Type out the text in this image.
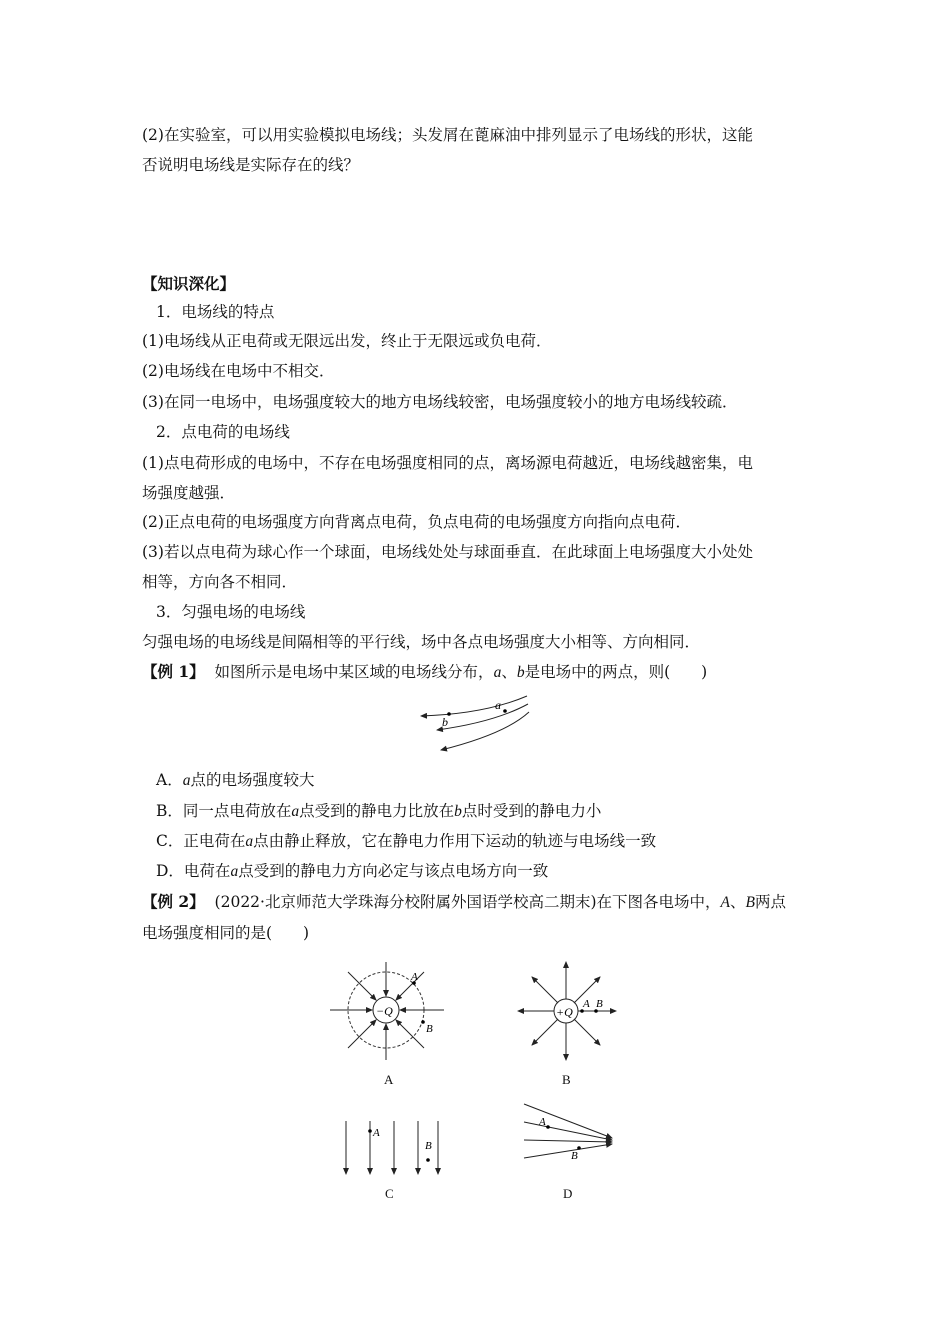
(2)在实验室，可以用实验模拟电场线；头发屑在蓖麻油中排列显示了电场线的形状，这能
否说明电场线是实际存在的线？
【知识深化】
1．电场线的特点
(1)电场线从正电荷或无限远出发，终止于无限远或负电荷．
(2)电场线在电场中不相交．
(3)在同一电场中，电场强度较大的地方电场线较密，电场强度较小的地方电场线较疏．
2．点电荷的电场线
(1)点电荷形成的电场中，不存在电场强度相同的点，离场源电荷越近，电场线越密集，电
场强度越强．
(2)正点电荷的电场强度方向背离点电荷，负点电荷的电场强度方向指向点电荷．
(3)若以点电荷为球心作一个球面，电场线处处与球面垂直．在此球面上电场强度大小处处
相等，方向各不相同．
3．匀强电场的电场线
匀强电场的电场线是间隔相等的平行线，场中各点电场强度大小相等、方向相同．
【例 1】 如图所示是电场中某区域的电场线分布，a、b是电场中的两点，则(　　)
a
b
A．a点的电场强度较大
B．同一点电荷放在a点受到的静电力比放在b点时受到的静电力小
C．正电荷在a点由静止释放，它在静电力作用下运动的轨迹与电场线一致
D．电荷在a点受到的静电力方向必定与该点电场方向一致
【例 2】 (2022·北京师范大学珠海分校附属外国语学校高二期末)在下图各电场中，A、B两点
电场强度相同的是(　　)
−Q
A
B
A
+Q
A B
B
A
B
C
A
B
D
